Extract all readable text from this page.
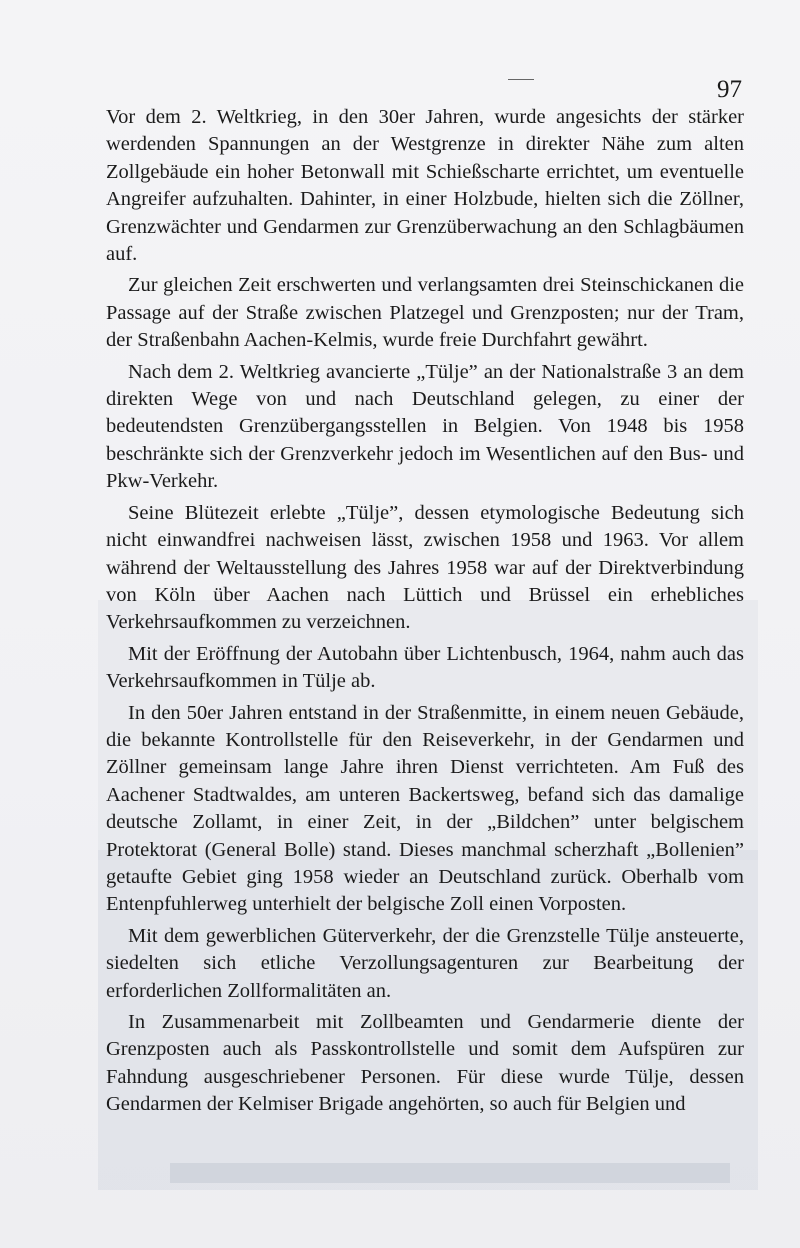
97

Vor dem 2. Weltkrieg, in den 30er Jahren, wurde angesichts der stärker werdenden Spannungen an der Westgrenze in direkter Nähe zum alten Zollgebäude ein hoher Betonwall mit Schießscharte errichtet, um eventuelle Angreifer aufzuhalten. Dahinter, in einer Holzbude, hielten sich die Zöllner, Grenzwächter und Gendarmen zur Grenzüberwachung an den Schlagbäumen auf.

Zur gleichen Zeit erschwerten und verlangsamten drei Steinschickanen die Passage auf der Straße zwischen Platzegel und Grenzposten; nur der Tram, der Straßenbahn Aachen-Kelmis, wurde freie Durchfahrt gewährt.

Nach dem 2. Weltkrieg avancierte „Tülje” an der Nationalstraße 3 an dem direkten Wege von und nach Deutschland gelegen, zu einer der bedeutendsten Grenzübergangsstellen in Belgien. Von 1948 bis 1958 beschränkte sich der Grenzverkehr jedoch im Wesentlichen auf den Bus- und Pkw-Verkehr.

Seine Blütezeit erlebte „Tülje”, dessen etymologische Bedeutung sich nicht einwandfrei nachweisen lässt, zwischen 1958 und 1963. Vor allem während der Weltausstellung des Jahres 1958 war auf der Direktverbindung von Köln über Aachen nach Lüttich und Brüssel ein erhebliches Verkehrsaufkommen zu verzeichnen.

Mit der Eröffnung der Autobahn über Lichtenbusch, 1964, nahm auch das Verkehrsaufkommen in Tülje ab.

In den 50er Jahren entstand in der Straßenmitte, in einem neuen Gebäude, die bekannte Kontrollstelle für den Reiseverkehr, in der Gendarmen und Zöllner gemeinsam lange Jahre ihren Dienst verrichteten. Am Fuß des Aachener Stadtwaldes, am unteren Backertsweg, befand sich das damalige deutsche Zollamt, in einer Zeit, in der „Bildchen” unter belgischem Protektorat (General Bolle) stand. Dieses manchmal scherzhaft „Bollenien” getaufte Gebiet ging 1958 wieder an Deutschland zurück. Oberhalb vom Entenpfuhlerweg unterhielt der belgische Zoll einen Vorposten.

Mit dem gewerblichen Güterverkehr, der die Grenzstelle Tülje ansteuerte, siedelten sich etliche Verzollungsagenturen zur Bearbeitung der erforderlichen Zollformalitäten an.

In Zusammenarbeit mit Zollbeamten und Gendarmerie diente der Grenzposten auch als Passkontrollstelle und somit dem Aufspüren zur Fahndung ausgeschriebener Personen. Für diese wurde Tülje, dessen Gendarmen der Kelmiser Brigade angehörten, so auch für Belgien und
